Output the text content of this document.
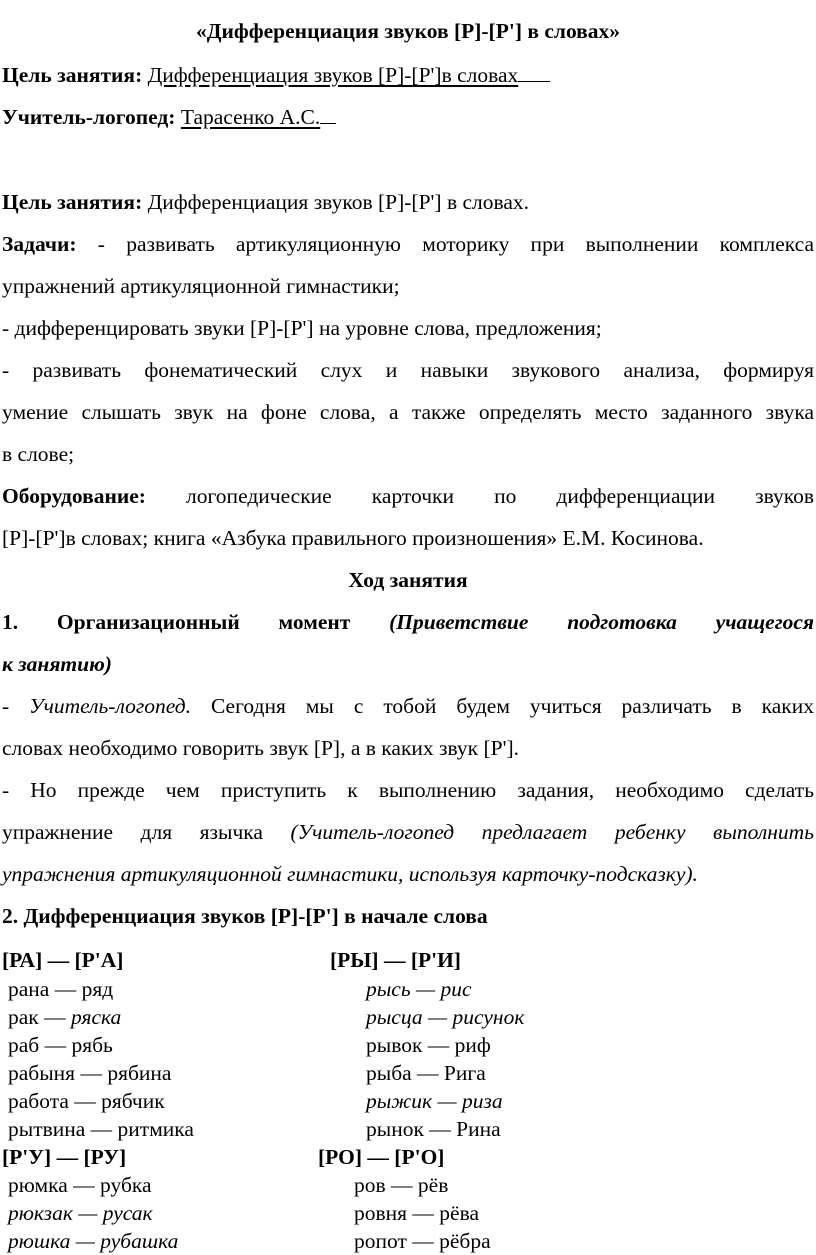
«Дифференциация звуков [Р]-[Р'] в словах»
Цель занятия: Дифференциация звуков [Р]-[Р']в словах
Учитель-логопед: Тарасенко А.С.
Цель занятия: Дифференциация звуков [Р]-[Р'] в словах.
Задачи: - развивать артикуляционную моторику при выполнении комплекса
упражнений артикуляционной гимнастики;
- дифференцировать звуки [Р]-[Р'] на уровне слова, предложения;
- развивать фонематический слух и навыки звукового анализа, формируя
умение слышать звук на фоне слова, а также определять место заданного звука
в слове;
Оборудование: логопедические карточки по дифференциации звуков
[Р]-[Р']в словах; книга «Азбука правильного произношения» Е.М. Косинова.
Ход занятия
1. Организационный момент (Приветствие подготовка учащегося
к занятию)
- Учитель-логопед. Сегодня мы с тобой будем учиться различать в каких
словах необходимо говорить звук [Р], а в каких звук [Р'].
- Но прежде чем приступить к выполнению задания, необходимо сделать
упражнение для язычка (Учитель-логопед предлагает ребенку выполнить
упражнения артикуляционной гимнастики, используя карточку-подсказку).
2. Дифференциация звуков [Р]-[Р'] в начале слова
[РА] — [Р'А]
рана — ряд
рак — ряска
раб — рябь
рабыня — рябина
работа — рябчик
рытвина — ритмика
[РЫ] — [Р'И]
рысь — рис
рысца — рисунок
рывок — риф
рыба — Рига
рыжик — риза
рынок — Рина
[Р'У] — [РУ]
рюмка — рубка
рюкзак — русак
рюшка — рубашка
[РО] — [Р'О]
ров — рёв
ровня — рёва
ропот — рёбра
